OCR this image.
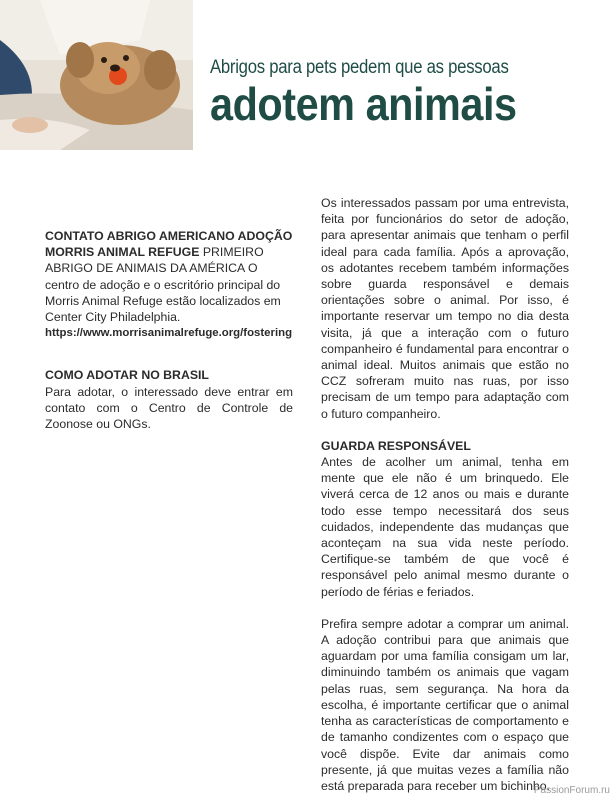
Abrigos para pets pedem que as pessoas

adotem animais

CONTATO ABRIGO AMERICANO ADOÇÃO MORRIS ANIMAL REFUGE PRIMEIRO ABRIGO DE ANIMAIS DA AMÉRICA O centro de adoção e o escritório principal do Morris Animal Refuge estão localizados em Center City Philadelphia.

https://www.morrisanimalrefuge.org/fostering

COMO ADOTAR NO BRASIL

Para adotar, o interessado deve entrar em contato com o Centro de Controle de Zoonose ou ONGs.

Os interessados passam por uma entrevista, feita por funcionários do setor de adoção, para apresentar animais que tenham o perfil ideal para cada família. Após a aprovação, os adotantes recebem também informações sobre guarda responsável e demais orientações sobre o animal. Por isso, é importante reservar um tempo no dia desta visita, já que a interação com o futuro companheiro é fundamental para encontrar o animal ideal. Muitos animais que estão no CCZ sofreram muito nas ruas, por isso precisam de um tempo para adaptação com o futuro companheiro.

GUARDA RESPONSÁVEL

Antes de acolher um animal, tenha em mente que ele não é um brinquedo. Ele viverá cerca de 12 anos ou mais e durante todo esse tempo necessitará dos seus cuidados, independente das mudanças que aconteçam na sua vida neste período. Certifique-se também de que você é responsável pelo animal mesmo durante o período de férias e feriados.

Prefira sempre adotar a comprar um animal. A adoção contribui para que animais que aguardam por uma família consigam um lar, diminuindo também os animais que vagam pelas ruas, sem segurança. Na hora da escolha, é importante certificar que o animal tenha as características de comportamento e de tamanho condizentes com o espaço que você dispõe. Evite dar animais como presente, já que muitas vezes a família não está preparada para receber um bichinho.

PassionForum.ru
